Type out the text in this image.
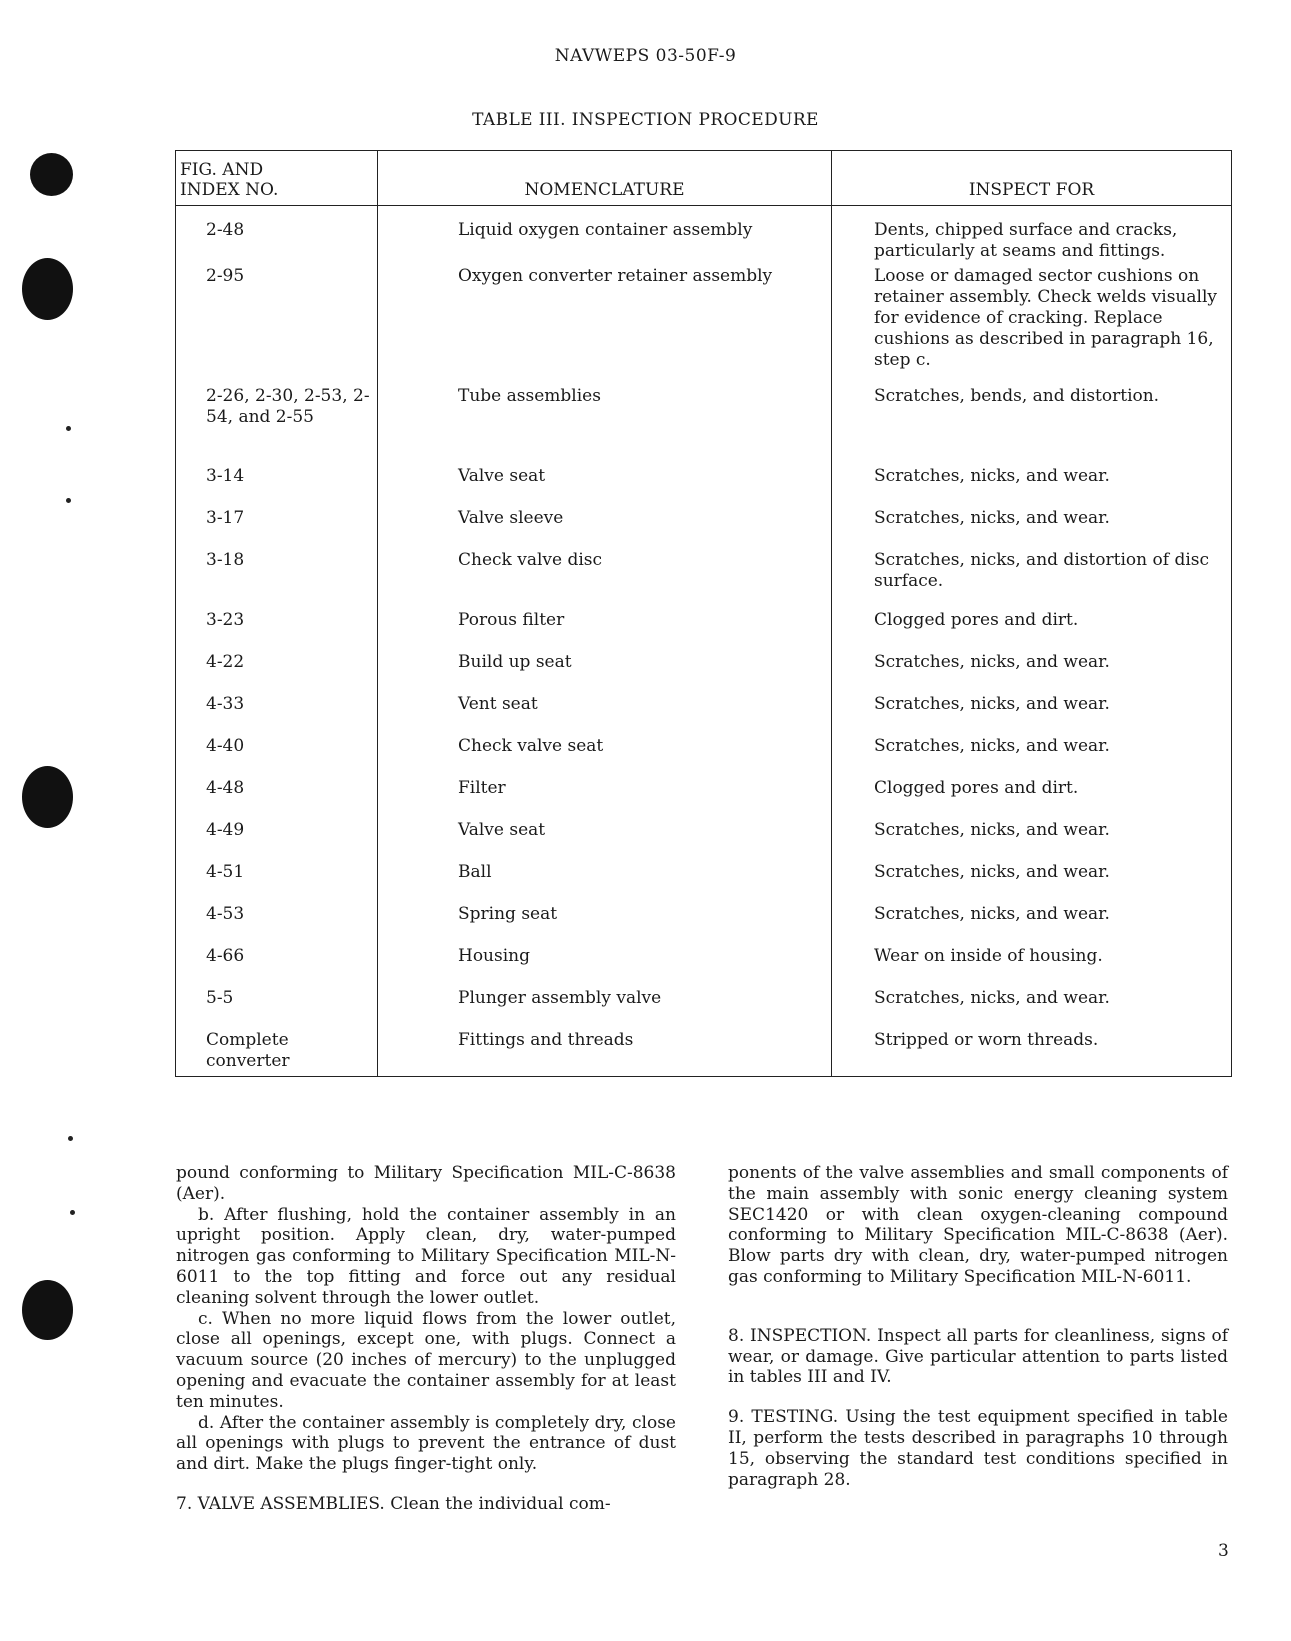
NAVWEPS 03-50F-9
TABLE III. INSPECTION PROCEDURE
FIG. AND
INDEX NO.	NOMENCLATURE	INSPECT FOR
2-48	Liquid oxygen container assembly	Dents, chipped surface and cracks, particularly at seams and fittings.
2-95	Oxygen converter retainer assembly	Loose or damaged sector cushions on retainer assembly. Check welds visually for evidence of cracking. Replace cushions as described in paragraph 16, step c.
2-26, 2-30, 2-53, 2-54, and 2-55	Tube assemblies	Scratches, bends, and distortion.
3-14	Valve seat	Scratches, nicks, and wear.
3-17	Valve sleeve	Scratches, nicks, and wear.
3-18	Check valve disc	Scratches, nicks, and distortion of disc surface.
3-23	Porous filter	Clogged pores and dirt.
4-22	Build up seat	Scratches, nicks, and wear.
4-33	Vent seat	Scratches, nicks, and wear.
4-40	Check valve seat	Scratches, nicks, and wear.
4-48	Filter	Clogged pores and dirt.
4-49	Valve seat	Scratches, nicks, and wear.
4-51	Ball	Scratches, nicks, and wear.
4-53	Spring seat	Scratches, nicks, and wear.
4-66	Housing	Wear on inside of housing.
5-5	Plunger assembly valve	Scratches, nicks, and wear.
Complete converter	Fittings and threads	Stripped or worn threads.

pound conforming to Military Specification MIL-C-8638 (Aer).

b. After flushing, hold the container assembly in an upright position. Apply clean, dry, water-pumped nitrogen gas conforming to Military Specification MIL-N-6011 to the top fitting and force out any residual cleaning solvent through the lower outlet.

c. When no more liquid flows from the lower outlet, close all openings, except one, with plugs. Connect a vacuum source (20 inches of mercury) to the unplugged opening and evacuate the container assembly for at least ten minutes.

d. After the container assembly is completely dry, close all openings with plugs to prevent the entrance of dust and dirt. Make the plugs finger-tight only.

7. VALVE ASSEMBLIES. Clean the individual com-

ponents of the valve assemblies and small components of the main assembly with sonic energy cleaning system SEC1420 or with clean oxygen-cleaning compound conforming to Military Specification MIL-C-8638 (Aer). Blow parts dry with clean, dry, water-pumped nitrogen gas conforming to Military Specification MIL-N-6011.

8. INSPECTION. Inspect all parts for cleanliness, signs of wear, or damage. Give particular attention to parts listed in tables III and IV.

9. TESTING. Using the test equipment specified in table II, perform the tests described in paragraphs 10 through 15, observing the standard test conditions specified in paragraph 28.

3
